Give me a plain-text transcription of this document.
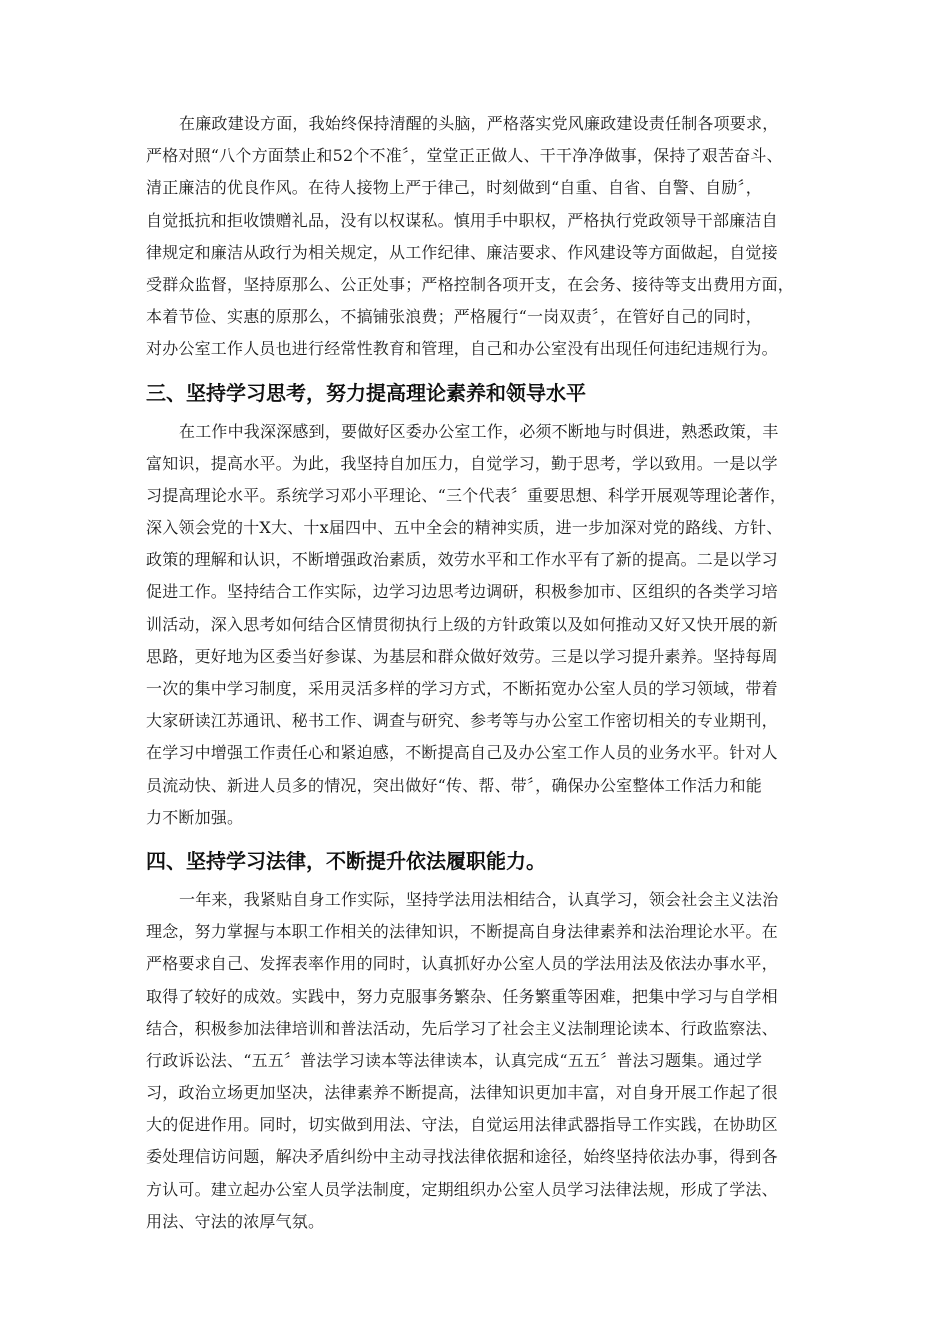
在廉政建设方面，我始终保持清醒的头脑，严格落实党风廉政建设责任制各项要求，
严格对照“八个方面禁止和52个不准〞，堂堂正正做人、干干净净做事，保持了艰苦奋斗、
清正廉洁的优良作风。在待人接物上严于律己，时刻做到“自重、自省、自警、自励〞，
自觉抵抗和拒收馈赠礼品，没有以权谋私。慎用手中职权，严格执行党政领导干部廉洁自
律规定和廉洁从政行为相关规定，从工作纪律、廉洁要求、作风建设等方面做起，自觉接
受群众监督，坚持原那么、公正处事；严格控制各项开支，在会务、接待等支出费用方面，
本着节俭、实惠的原那么，不搞铺张浪费；严格履行“一岗双责〞，在管好自己的同时，
对办公室工作人员也进行经常性教育和管理，自己和办公室没有出现任何违纪违规行为。
三、坚持学习思考，努力提高理论素养和领导水平
在工作中我深深感到，要做好区委办公室工作，必须不断地与时俱进，熟悉政策，丰
富知识，提高水平。为此，我坚持自加压力，自觉学习，勤于思考，学以致用。一是以学
习提高理论水平。系统学习邓小平理论、“三个代表〞重要思想、科学开展观等理论著作，
深入领会党的十X大、十x届四中、五中全会的精神实质，进一步加深对党的路线、方针、
政策的理解和认识，不断增强政治素质，效劳水平和工作水平有了新的提高。二是以学习
促进工作。坚持结合工作实际，边学习边思考边调研，积极参加市、区组织的各类学习培
训活动，深入思考如何结合区情贯彻执行上级的方针政策以及如何推动又好又快开展的新
思路，更好地为区委当好参谋、为基层和群众做好效劳。三是以学习提升素养。坚持每周
一次的集中学习制度，采用灵活多样的学习方式，不断拓宽办公室人员的学习领域，带着
大家研读江苏通讯、秘书工作、调查与研究、参考等与办公室工作密切相关的专业期刊，
在学习中增强工作责任心和紧迫感，不断提高自己及办公室工作人员的业务水平。针对人
员流动快、新进人员多的情况，突出做好“传、帮、带〞，确保办公室整体工作活力和能
力不断加强。
四、坚持学习法律，不断提升依法履职能力。
一年来，我紧贴自身工作实际，坚持学法用法相结合，认真学习，领会社会主义法治
理念，努力掌握与本职工作相关的法律知识，不断提高自身法律素养和法治理论水平。在
严格要求自己、发挥表率作用的同时，认真抓好办公室人员的学法用法及依法办事水平，
取得了较好的成效。实践中，努力克服事务繁杂、任务繁重等困难，把集中学习与自学相
结合，积极参加法律培训和普法活动，先后学习了社会主义法制理论读本、行政监察法、
行政诉讼法、“五五〞普法学习读本等法律读本，认真完成“五五〞普法习题集。通过学
习，政治立场更加坚决，法律素养不断提高，法律知识更加丰富，对自身开展工作起了很
大的促进作用。同时，切实做到用法、守法，自觉运用法律武器指导工作实践，在协助区
委处理信访问题，解决矛盾纠纷中主动寻找法律依据和途径，始终坚持依法办事，得到各
方认可。建立起办公室人员学法制度，定期组织办公室人员学习法律法规，形成了学法、
用法、守法的浓厚气氛。
